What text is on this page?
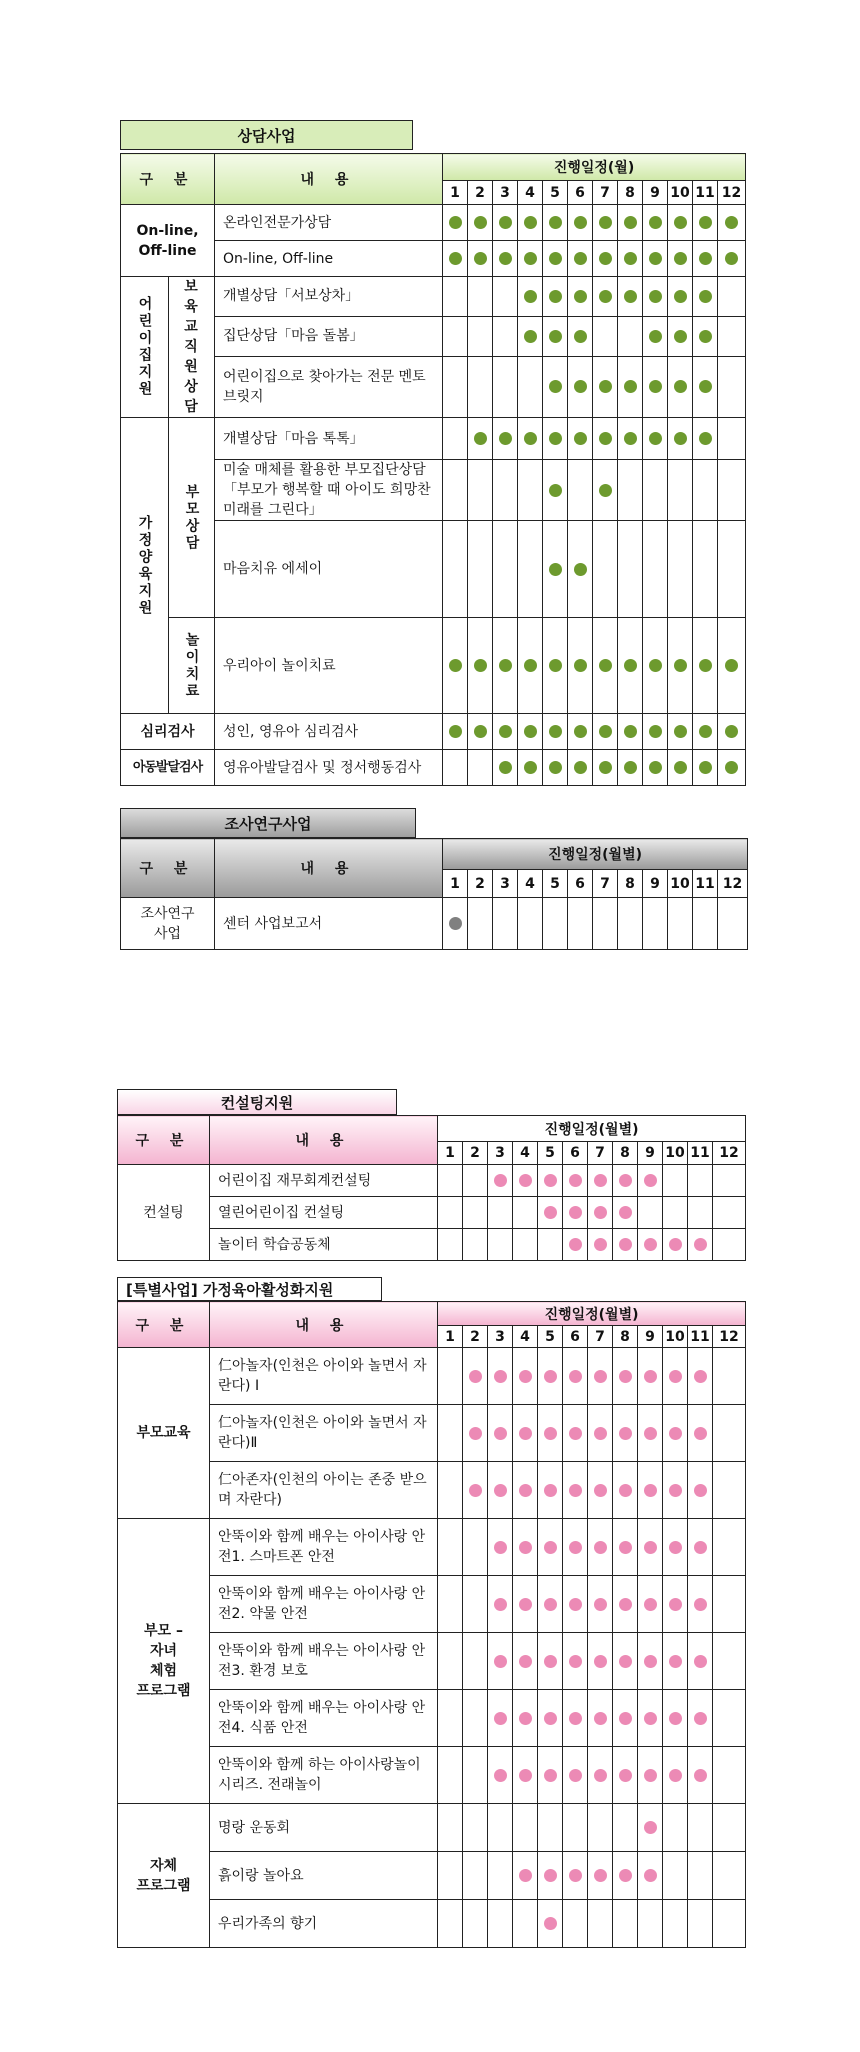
상담사업
구 분		내 용	진행일정(월)											
			1	2	3	4	5	6	7	8	9	10	11	12
On-line,
Off-line		온라인전문가상담												
		On-line, Off-line												

어린이집지원	보육교직원상담	개별상담「서보상차」												
		집단상담「마음 돌봄」												
		어린이집으로 찾아가는 전문 멘토브릿지												

가정양육지원	부모상담	개별상담「마음 톡톡」												
		미술 매체를 활용한 부모집단상담 「부모가 행복할 때 아이도 희망찬 미래를 그린다」												
		마음치유 에세이												

	놀이치료	우리아이 놀이치료												
심리검사		성인, 영유아 심리검사												
아동발달검사		영유아발달검사 및 정서행동검사												
조사연구사업
구 분	내 용	진행일정(월별)											
		1	2	3	4	5	6	7	8	9	10	11	12
조사연구
사업	센터 사업보고서												
컨설팅지원
구 분	내 용	진행일정(월별)											
		1	2	3	4	5	6	7	8	9	10	11	12
컨설팅	어린이집 재무회계컨설팅												
	열린어린이집 컨설팅												
	놀이터 학습공동체												
[특별사업] 가정육아활성화지원
구 분	내 용	진행일정(월별)											
		1	2	3	4	5	6	7	8	9	10	11	12
부모교육	仁아놀자(인천은 아이와 놀면서 자란다) Ⅰ												
	仁아놀자(인천은 아이와 놀면서 자란다)Ⅱ												
	仁아존자(인천의 아이는 존중 받으며 자란다)												
부모 –
자녀
체험
프로그램	안뚝이와 함께 배우는 아이사랑 안전1. 스마트폰 안전												
	안뚝이와 함께 배우는 아이사랑 안전2. 약물 안전												
	안뚝이와 함께 배우는 아이사랑 안전3. 환경 보호												
	안뚝이와 함께 배우는 아이사랑 안전4. 식품 안전												
	안뚝이와 함께 하는 아이사랑놀이시리즈. 전래놀이												
자체
프로그램	명랑 운동회												
	흙이랑 놀아요												
	우리가족의 향기												
